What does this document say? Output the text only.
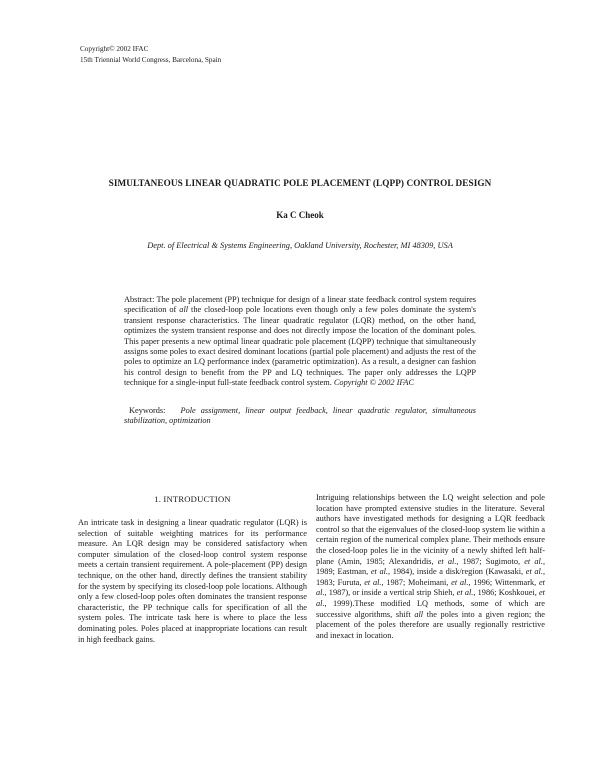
Copyright© 2002 IFAC
15th Triennial World Congress, Barcelona, Spain
SIMULTANEOUS LINEAR QUADRATIC POLE PLACEMENT (LQPP) CONTROL DESIGN
Ka C Cheok
Dept. of Electrical & Systems Engineering, Oakland University, Rochester, MI 48309, USA
Abstract: The pole placement (PP) technique for design of a linear state feedback control system requires specification of all the closed-loop pole locations even though only a few poles dominate the system's transient response characteristics. The linear quadratic regulator (LQR) method, on the other hand, optimizes the system transient response and does not directly impose the location of the dominant poles. This paper presents a new optimal linear quadratic pole placement (LQPP) technique that simultaneously assigns some poles to exact desired dominant locations (partial pole placement) and adjusts the rest of the poles to optimize an LQ performance index (parametric optimization). As a result, a designer can fashion his control design to benefit from the PP and LQ techniques. The paper only addresses the LQPP technique for a single-input full-state feedback control system. Copyright © 2002 IFAC
Keywords: Pole assignment, linear output feedback, linear quadratic regulator, simultaneous stabilization, optimization
1. INTRODUCTION

An intricate task in designing a linear quadratic regulator (LQR) is selection of suitable weighting matrices for its performance measure. An LQR design may be considered satisfactory when computer simulation of the closed-loop control system response meets a certain transient requirement. A pole-placement (PP) design technique, on the other hand, directly defines the transient stability for the system by specifying its closed-loop pole locations. Although only a few closed-loop poles often dominates the transient response characteristic, the PP technique calls for specification of all the system poles. The intricate task here is where to place the less dominating poles. Poles placed at inappropriate locations can result in high feedback gains.

Intriguing relationships between the LQ weight selection and pole location have prompted extensive studies in the literature. Several authors have investigated methods for designing a LQR feedback control so that the eigenvalues of the closed-loop system lie within a certain region of the numerical complex plane. Their methods ensure the closed-loop poles lie in the vicinity of a newly shifted left half-plane (Amin, 1985; Alexandridis, et al., 1987; Sugimoto, et al., 1989; Eastman, et al., 1984), inside a disk/region (Kawasaki, et al., 1983; Furuta, et al., 1987; Moheimani, et al., 1996; Wittenmark, et al., 1987), or inside a vertical strip Shieh, et al., 1986; Koshkouei, et al., 1999).These modified LQ methods, some of which are successive algorithms, shift all the poles into a given region; the placement of the poles therefore are usually regionally restrictive and inexact in location.
